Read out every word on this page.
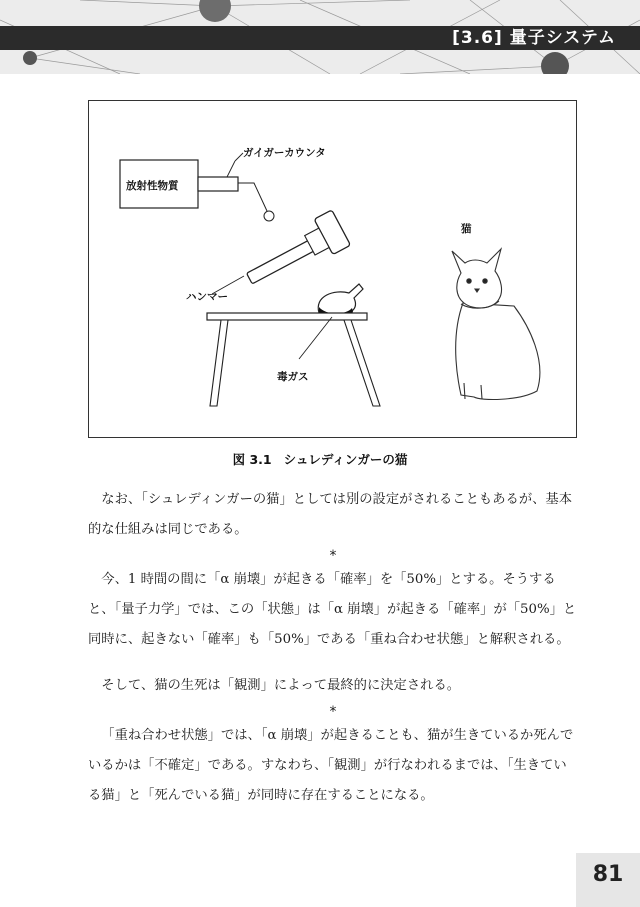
[3.6] 量子システム
放射性物質
ガイガーカウンタ
猫
ハンマー
毒ガス
図 3.1 シュレディンガーの猫

なお、「シュレディンガーの猫」としては別の設定がされることもあるが、基本的な仕組みは同じである。

*

今、1 時間の間に「α 崩壊」が起きる「確率」を「50%」とする。そうすると、「量子力学」では、この「状態」は「α 崩壊」が起きる「確率」が「50%」と同時に、起きない「確率」も「50%」である「重ね合わせ状態」と解釈される。

そして、猫の生死は「観測」によって最終的に決定される。

*

「重ね合わせ状態」では、「α 崩壊」が起きることも、猫が生きているか死んでいるかは「不確定」である。すなわち、「観測」が行なわれるまでは、「生きている猫」と「死んでいる猫」が同時に存在することになる。

81
